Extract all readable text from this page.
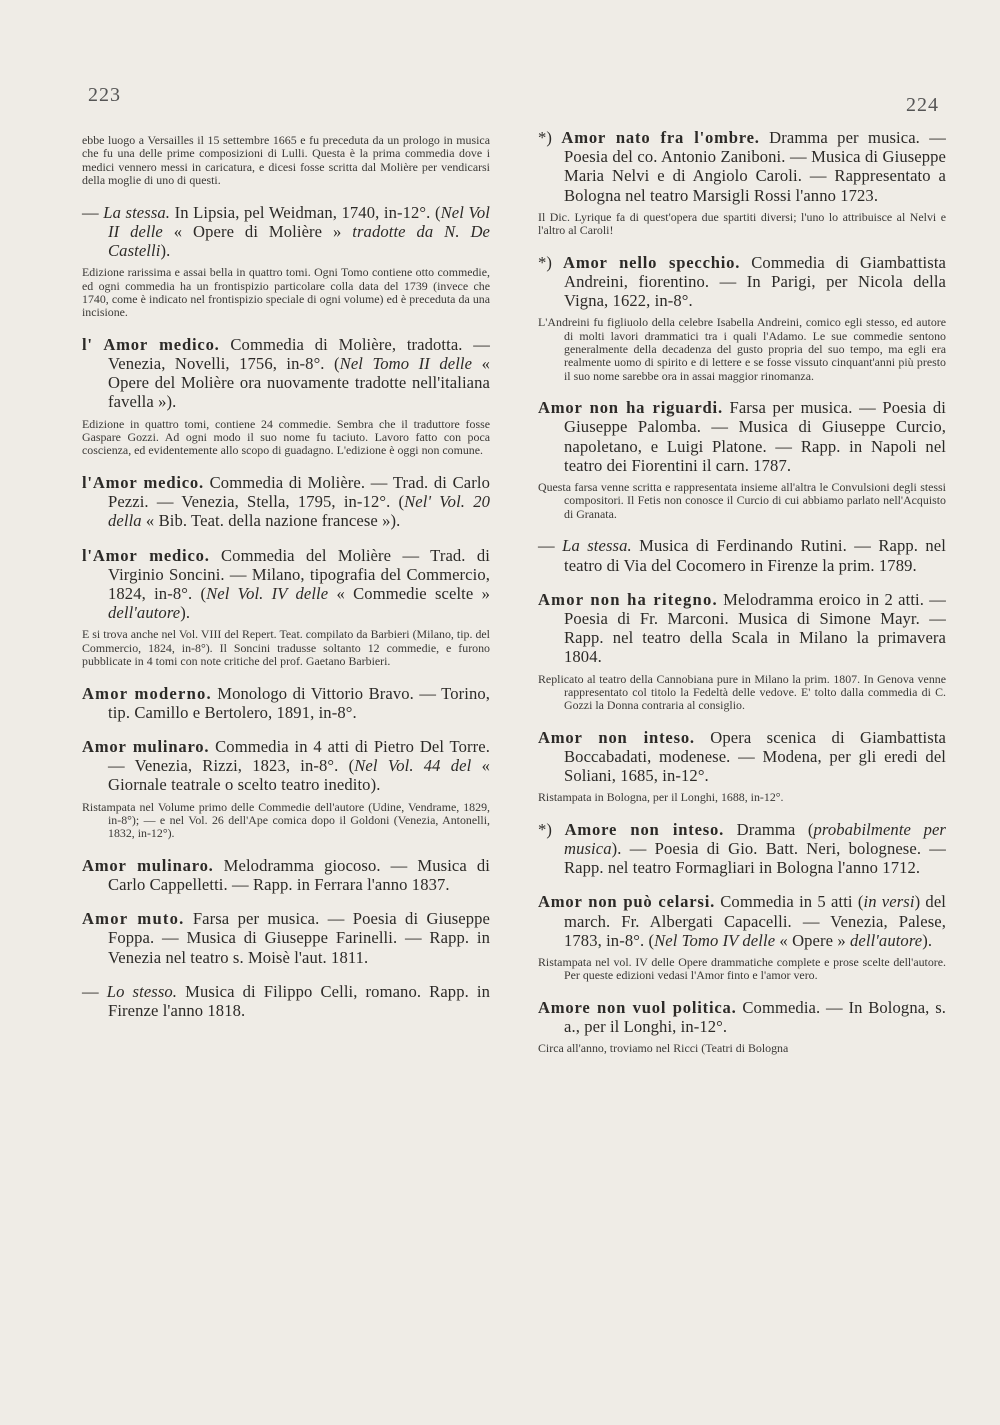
223	224
ebbe luogo a Versailles il 15 settembre 1665 e fu preceduta da un prologo in musica che fu una delle prime composizioni di Lulli. Questa è la prima commedia dove i medici vennero messi in caricatura, e dicesi fosse scritta dal Molière per vendicarsi della moglie di uno di questi.
— La stessa. In Lipsia, pel Weidman, 1740, in-12°. (Nel Vol II delle « Opere di Molière » tradotte da N. De Castelli).
Edizione rarissima e assai bella in quattro tomi. Ogni Tomo contiene otto commedie, ed ogni commedia ha un frontispizio particolare colla data del 1739 (invece che 1740, come è indicato nel frontispizio speciale di ogni volume) ed è preceduta da una incisione.
l' Amor medico. Commedia di Molière, tradotta. — Venezia, Novelli, 1756, in-8°. (Nel Tomo II delle « Opere del Molière ora nuovamente tradotte nell'italiana favella »).
Edizione in quattro tomi, contiene 24 commedie. Sembra che il traduttore fosse Gaspare Gozzi. Ad ogni modo il suo nome fu taciuto. Lavoro fatto con poca coscienza, ed evidentemente allo scopo di guadagno. L'edizione è oggi non comune.
l'Amor medico. Commedia di Molière. — Trad. di Carlo Pezzi. — Venezia, Stella, 1795, in-12°. (Nel' Vol. 20 della « Bib. Teat. della nazione francese »).
l'Amor medico. Commedia del Molière — Trad. di Virginio Soncini. — Milano, tipografia del Commercio, 1824, in-8°. (Nel Vol. IV delle « Commedie scelte » dell'autore).
E si trova anche nel Vol. VIII del Repert. Teat. compilato da Barbieri (Milano, tip. del Commercio, 1824, in-8°). Il Soncini tradusse soltanto 12 commedie, e furono pubblicate in 4 tomi con note critiche del prof. Gaetano Barbieri.
Amor moderno. Monologo di Vittorio Bravo. — Torino, tip. Camillo e Bertolero, 1891, in-8°.
Amor mulinaro. Commedia in 4 atti di Pietro Del Torre. — Venezia, Rizzi, 1823, in-8°. (Nel Vol. 44 del « Giornale teatrale o scelto teatro inedito).
Ristampata nel Volume primo delle Commedie dell'autore (Udine, Vendrame, 1829, in-8°); — e nel Vol. 26 dell'Ape comica dopo il Goldoni (Venezia, Antonelli, 1832, in-12°).
Amor mulinaro. Melodramma giocoso. — Musica di Carlo Cappelletti. — Rapp. in Ferrara l'anno 1837.
Amor muto. Farsa per musica. — Poesia di Giuseppe Foppa. — Musica di Giuseppe Farinelli. — Rapp. in Venezia nel teatro s. Moisè l'aut. 1811.
— Lo stesso. Musica di Filippo Celli, romano. Rapp. in Firenze l'anno 1818.
*) Amor nato fra l'ombre. Dramma per musica. — Poesia del co. Antonio Zaniboni. — Musica di Giuseppe Maria Nelvi e di Angiolo Caroli. — Rappresentato a Bologna nel teatro Marsigli Rossi l'anno 1723.
Il Dic. Lyrique fa di quest'opera due spartiti diversi; l'uno lo attribuisce al Nelvi e l'altro al Caroli!
*) Amor nello specchio. Commedia di Giambattista Andreini, fiorentino. — In Parigi, per Nicola della Vigna, 1622, in-8°.
L'Andreini fu figliuolo della celebre Isabella Andreini, comico egli stesso, ed autore di molti lavori drammatici tra i quali l'Adamo. Le sue commedie sentono generalmente della decadenza del gusto propria del suo tempo, ma egli era realmente uomo di spirito e di lettere e se fosse vissuto cinquant'anni più presto il suo nome sarebbe ora in assai maggior rinomanza.
Amor non ha riguardi. Farsa per musica. — Poesia di Giuseppe Palomba. — Musica di Giuseppe Curcio, napoletano, e Luigi Platone. — Rapp. in Napoli nel teatro dei Fiorentini il carn. 1787.
Questa farsa venne scritta e rappresentata insieme all'altra le Convulsioni degli stessi compositori. Il Fetis non conosce il Curcio di cui abbiamo parlato nell'Acquisto di Granata.
— La stessa. Musica di Ferdinando Rutini. — Rapp. nel teatro di Via del Cocomero in Firenze la prim. 1789.
Amor non ha ritegno. Melodramma eroico in 2 atti. — Poesia di Fr. Marconi. Musica di Simone Mayr. — Rapp. nel teatro della Scala in Milano la primavera 1804.
Replicato al teatro della Cannobiana pure in Milano la prim. 1807. In Genova venne rappresentato col titolo la Fedeltà delle vedove. E' tolto dalla commedia di C. Gozzi la Donna contraria al consiglio.
Amor non inteso. Opera scenica di Giambattista Boccabadati, modenese. — Modena, per gli eredi del Soliani, 1685, in-12°.
Ristampata in Bologna, per il Longhi, 1688, in-12°.
*) Amore non inteso. Dramma (probabilmente per musica). — Poesia di Gio. Batt. Neri, bolognese. — Rapp. nel teatro Formagliari in Bologna l'anno 1712.
Amor non può celarsi. Commedia in 5 atti (in versi) del march. Fr. Albergati Capacelli. — Venezia, Palese, 1783, in-8°. (Nel Tomo IV delle « Opere » dell'autore).
Ristampata nel vol. IV delle Opere drammatiche complete e prose scelte dell'autore. Per queste edizioni vedasi l'Amor finto e l'amor vero.
Amore non vuol politica. Commedia. — In Bologna, s. a., per il Longhi, in-12°.
Circa all'anno, troviamo nel Ricci (Teatri di Bologna
